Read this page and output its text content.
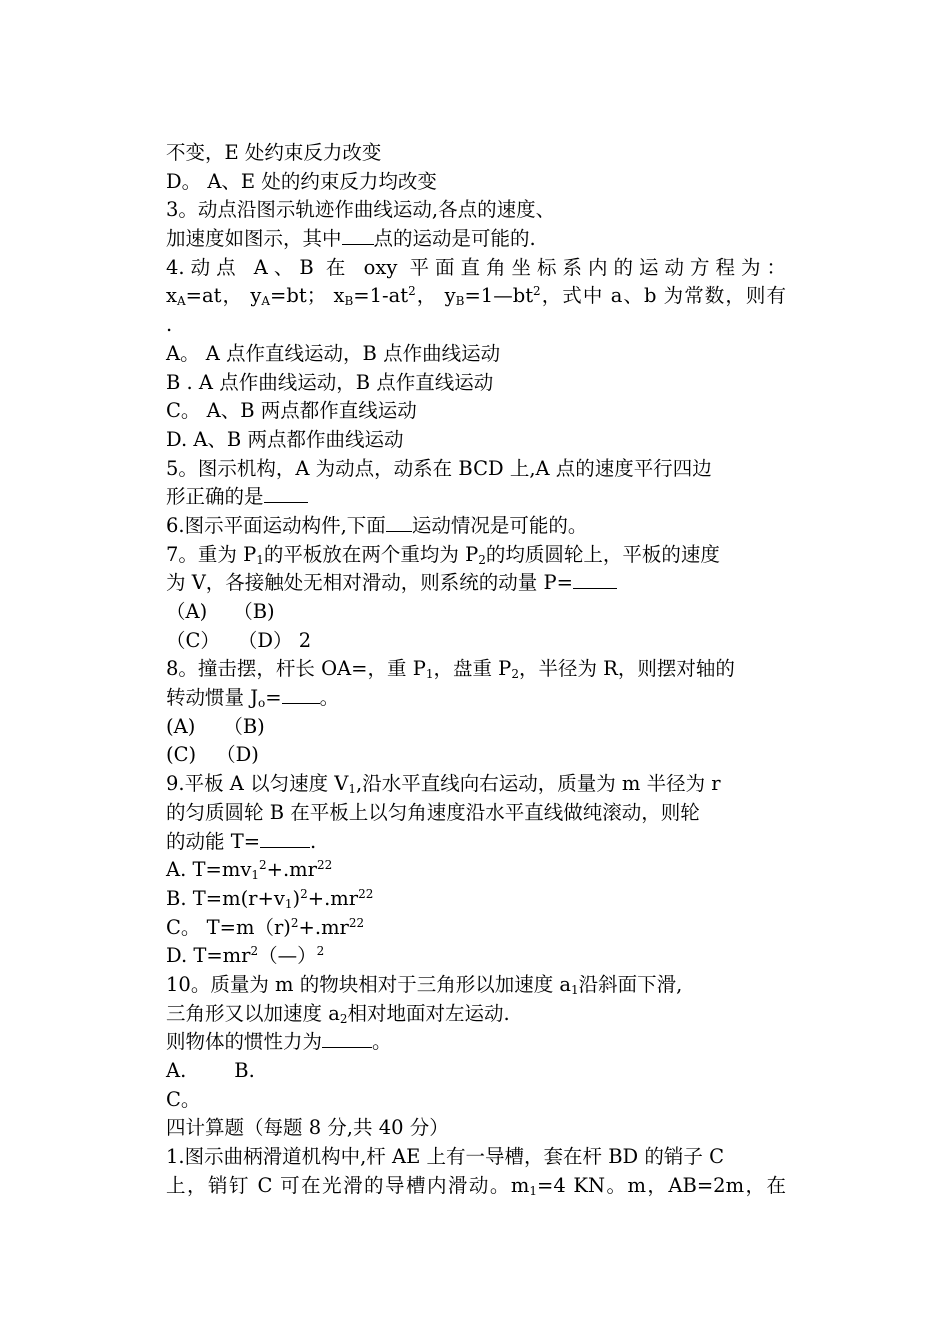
不变，E 处约束反力改变
D。 A、E 处的约束反力均改变
3。动点沿图示轨迹作曲线运动,各点的速度、
加速度如图示，其中 点的运动是可能的.
4.动点 A、B 在 oxy 平面直角坐标系内的运动方程为：
$x_A=at$， $y_A=bt$； $x_B=1-at^2$， $y_B=1—bt^2$，式中 a、b 为常数，则有
.
A。 A 点作直线运动，B 点作曲线运动
B . A 点作曲线运动，B 点作直线运动
C。 A、B 两点都作直线运动
D. A、B 两点都作曲线运动
5。图示机构，A 为动点，动系在 BCD 上,A 点的速度平行四边
形正确的是
6.图示平面运动构件,下面 运动情况是可能的。
7。重为 $P_1$的平板放在两个重均为 $P_2$的均质圆轮上，平板的速度
为 V，各接触处无相对滑动，则系统的动量 P=
（A) （B)
（C） （D） 2
8。撞击摆，杆长 OA=，重 $P_1$，盘重 $P_2$，半径为 R，则摆对轴的
转动惯量 $J_o=$ 。
(A) （B)
(C) （D)
9.平板 A 以匀速度 $V_1$,沿水平直线向右运动，质量为 m 半径为 r
的匀质圆轮 B 在平板上以匀角速度沿水平直线做纯滚动，则轮
的动能 T=	.
A. $T=mv_1^2+.mr^{22}$
B. $T=m(r+v_1)^2+.mr^{22}$
C。 $T=m(r)^2+.mr^{22}$
D. $T=mr^2(—)^2$
10。质量为 m 的物块相对于三角形以加速度 $a_1$沿斜面下滑,
三角形又以加速度 $a_2$相对地面对左运动.
则物体的惯性力为	。
A. B.
C。
四计算题（每题 8 分,共 40 分）
1.图示曲柄滑道机构中,杆 AE 上有一导槽，套在杆 BD 的销子 C
上，销钉 C 可在光滑的导槽内滑动。$m_1=4$ KN。m，AB=2m，在
